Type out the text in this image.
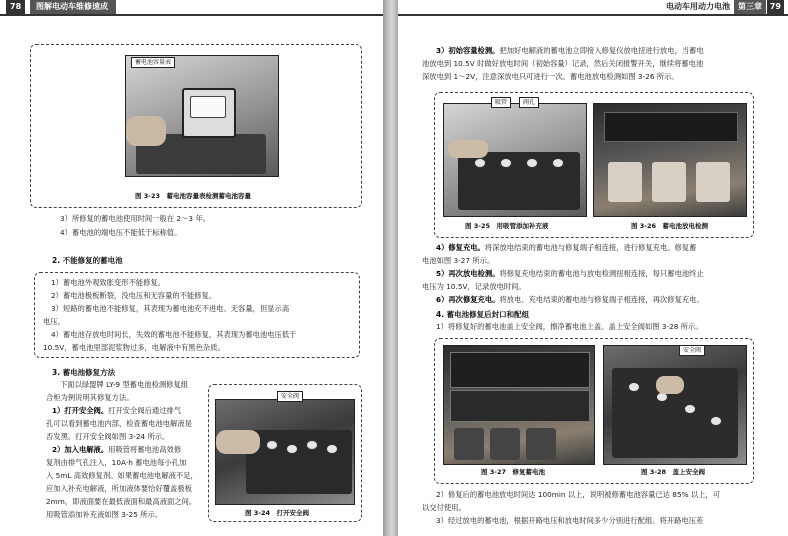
78	图解电动车维修速成
蓄电池容量表
图 3-23　蓄电池容量表检测蓄电池容量
3）所修复的蓄电池使用时间一般在 2～3 年。
4）蓄电池的端电压不能低于标称值。
2. 不能修复的蓄电池
1）蓄电池外观致胀变形不能修复。
2）蓄电池极板断裂，没电压和无容量的不能修复。
3）短路的蓄电池不能修复，其表现为蓄电池充不进电、无容量，但显示高
电压。
4）蓄电池存放电时间长，失效的蓄电池不能修复，其表现为蓄电池电压低于
10.5V，蓄电池里部泥浆物过多，电解液中有黑色杂质。
3. 蓄电池修复方法
下面以绿盟牌 LY-9 型蓄电池检测修复组
合柜为例说明其修复方法。
1）打开安全阀。打开安全阀后通过排气
孔可以看到蓄电池内部，检查蓄电池电解液是
否发黑。打开安全阀如图 3-24 所示。
2）加入电解液。用吸管将蓄电池高效修
复剂由排气孔注入，10A·h 蓄电池每小孔加
入 5mL 高效修复剂。如果蓄电池电解液不足，
应加入补充电解液，所加液体要恰好覆盖极板
2mm，即液面要在最低液面和最高液面之间。
用吸管添加补充液如图 3-25 所示。
安全阀
图 3-24　打开安全阀
电动车用动力电池	第三章 79
3）初始容量检测。把加好电解液的蓄电池立即接入修复仪放电扭进行放电，当蓄电
池放电到 10.5V 时做好放电时间（初始容量）记录，然后关闭报警开关，继续将蓄电池
深放电到 1～2V，注意深放电只可进行一次。蓄电池放电检测如图 3-26 所示。
吸管	阀孔
图 3-25　用吸管添加补充液	图 3-26　蓄电池放电检测
4）修复充电。将深放电结束的蓄电池与修复端子相连接，进行修复充电。修复蓄
电池如图 3-27 所示。
5）再次放电检测。将修复充电结束的蓄电池与放电检测扭相连接，每只蓄电池终止
电压为 10.5V，记录放电时间。
6）再次修复充电。将放电、充电结束的蓄电池与修复端子相连接，再次修复充电。
4. 蓄电池修复后封口和配组
1）将修复好的蓄电池盖上安全阀，擦净蓄电池上盖。盖上安全阀如图 3-28 所示。
安全阀
图 3-27　修复蓄电池	图 3-28　盖上安全阀
2）修复后的蓄电池放电时间达 100min 以上，说明被修蓄电池容量已达 85% 以上，可
以交付使用。
3）经过放电的蓄电池，根据开路电压和放电时间多少分别进行配组。将开路电压差
